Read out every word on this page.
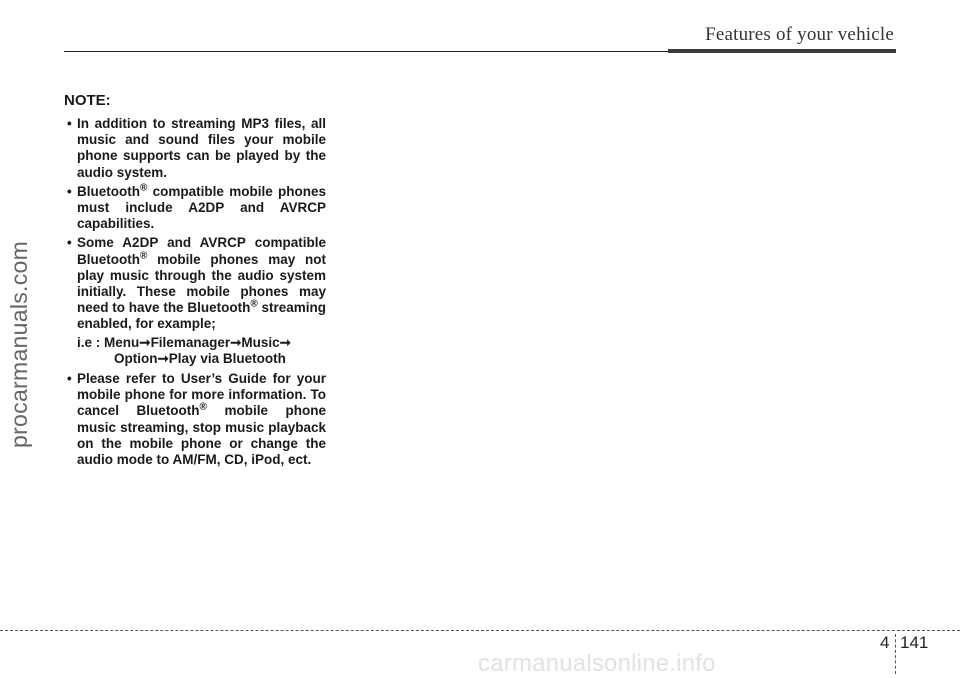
Features of your vehicle
procarmanuals.com
NOTE:
• In addition to streaming MP3 files, all music and sound files your mobile phone supports can be played by the audio system.
• Bluetooth® compatible mobile phones must include A2DP and AVRCP capabilities.
• Some A2DP and AVRCP compatible Bluetooth® mobile phones may not play music through the audio system initially. These mobile phones may need to have the Bluetooth® streaming enabled, for example;
i.e : Menu➞Filemanager➞Music➞
Option➞Play via Bluetooth
• Please refer to User’s Guide for your mobile phone for more information. To cancel Bluetooth® mobile phone music streaming, stop music playback on the mobile phone or change the audio mode to AM/FM, CD, iPod, ect.
4 141
carmanualsonline.info
